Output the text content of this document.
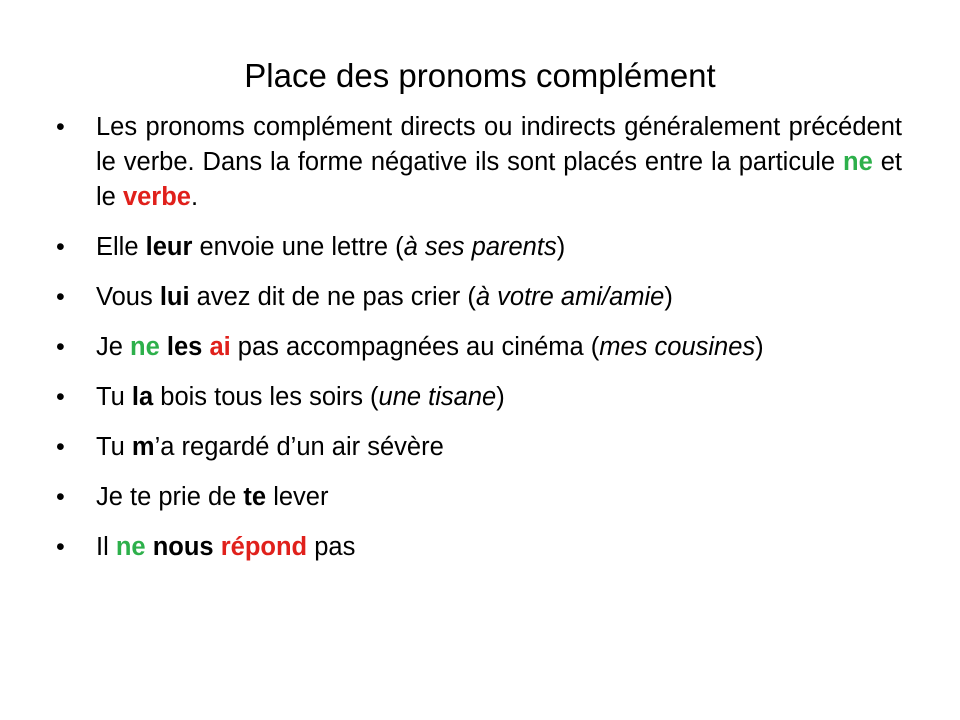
Place des pronoms complément
•	Les pronoms complément directs ou indirects généralement précédent le verbe. Dans la forme négative ils sont placés entre la particule ne et le verbe.
•	Elle leur envoie une lettre (à ses parents)
•	Vous lui avez dit de ne pas crier (à votre ami/amie)
•	Je ne les ai pas accompagnées au cinéma (mes cousines)
•	Tu la bois tous les soirs (une tisane)
•	Tu m’a regardé d’un air sévère
•	Je te prie de te lever
•	Il ne nous répond pas
